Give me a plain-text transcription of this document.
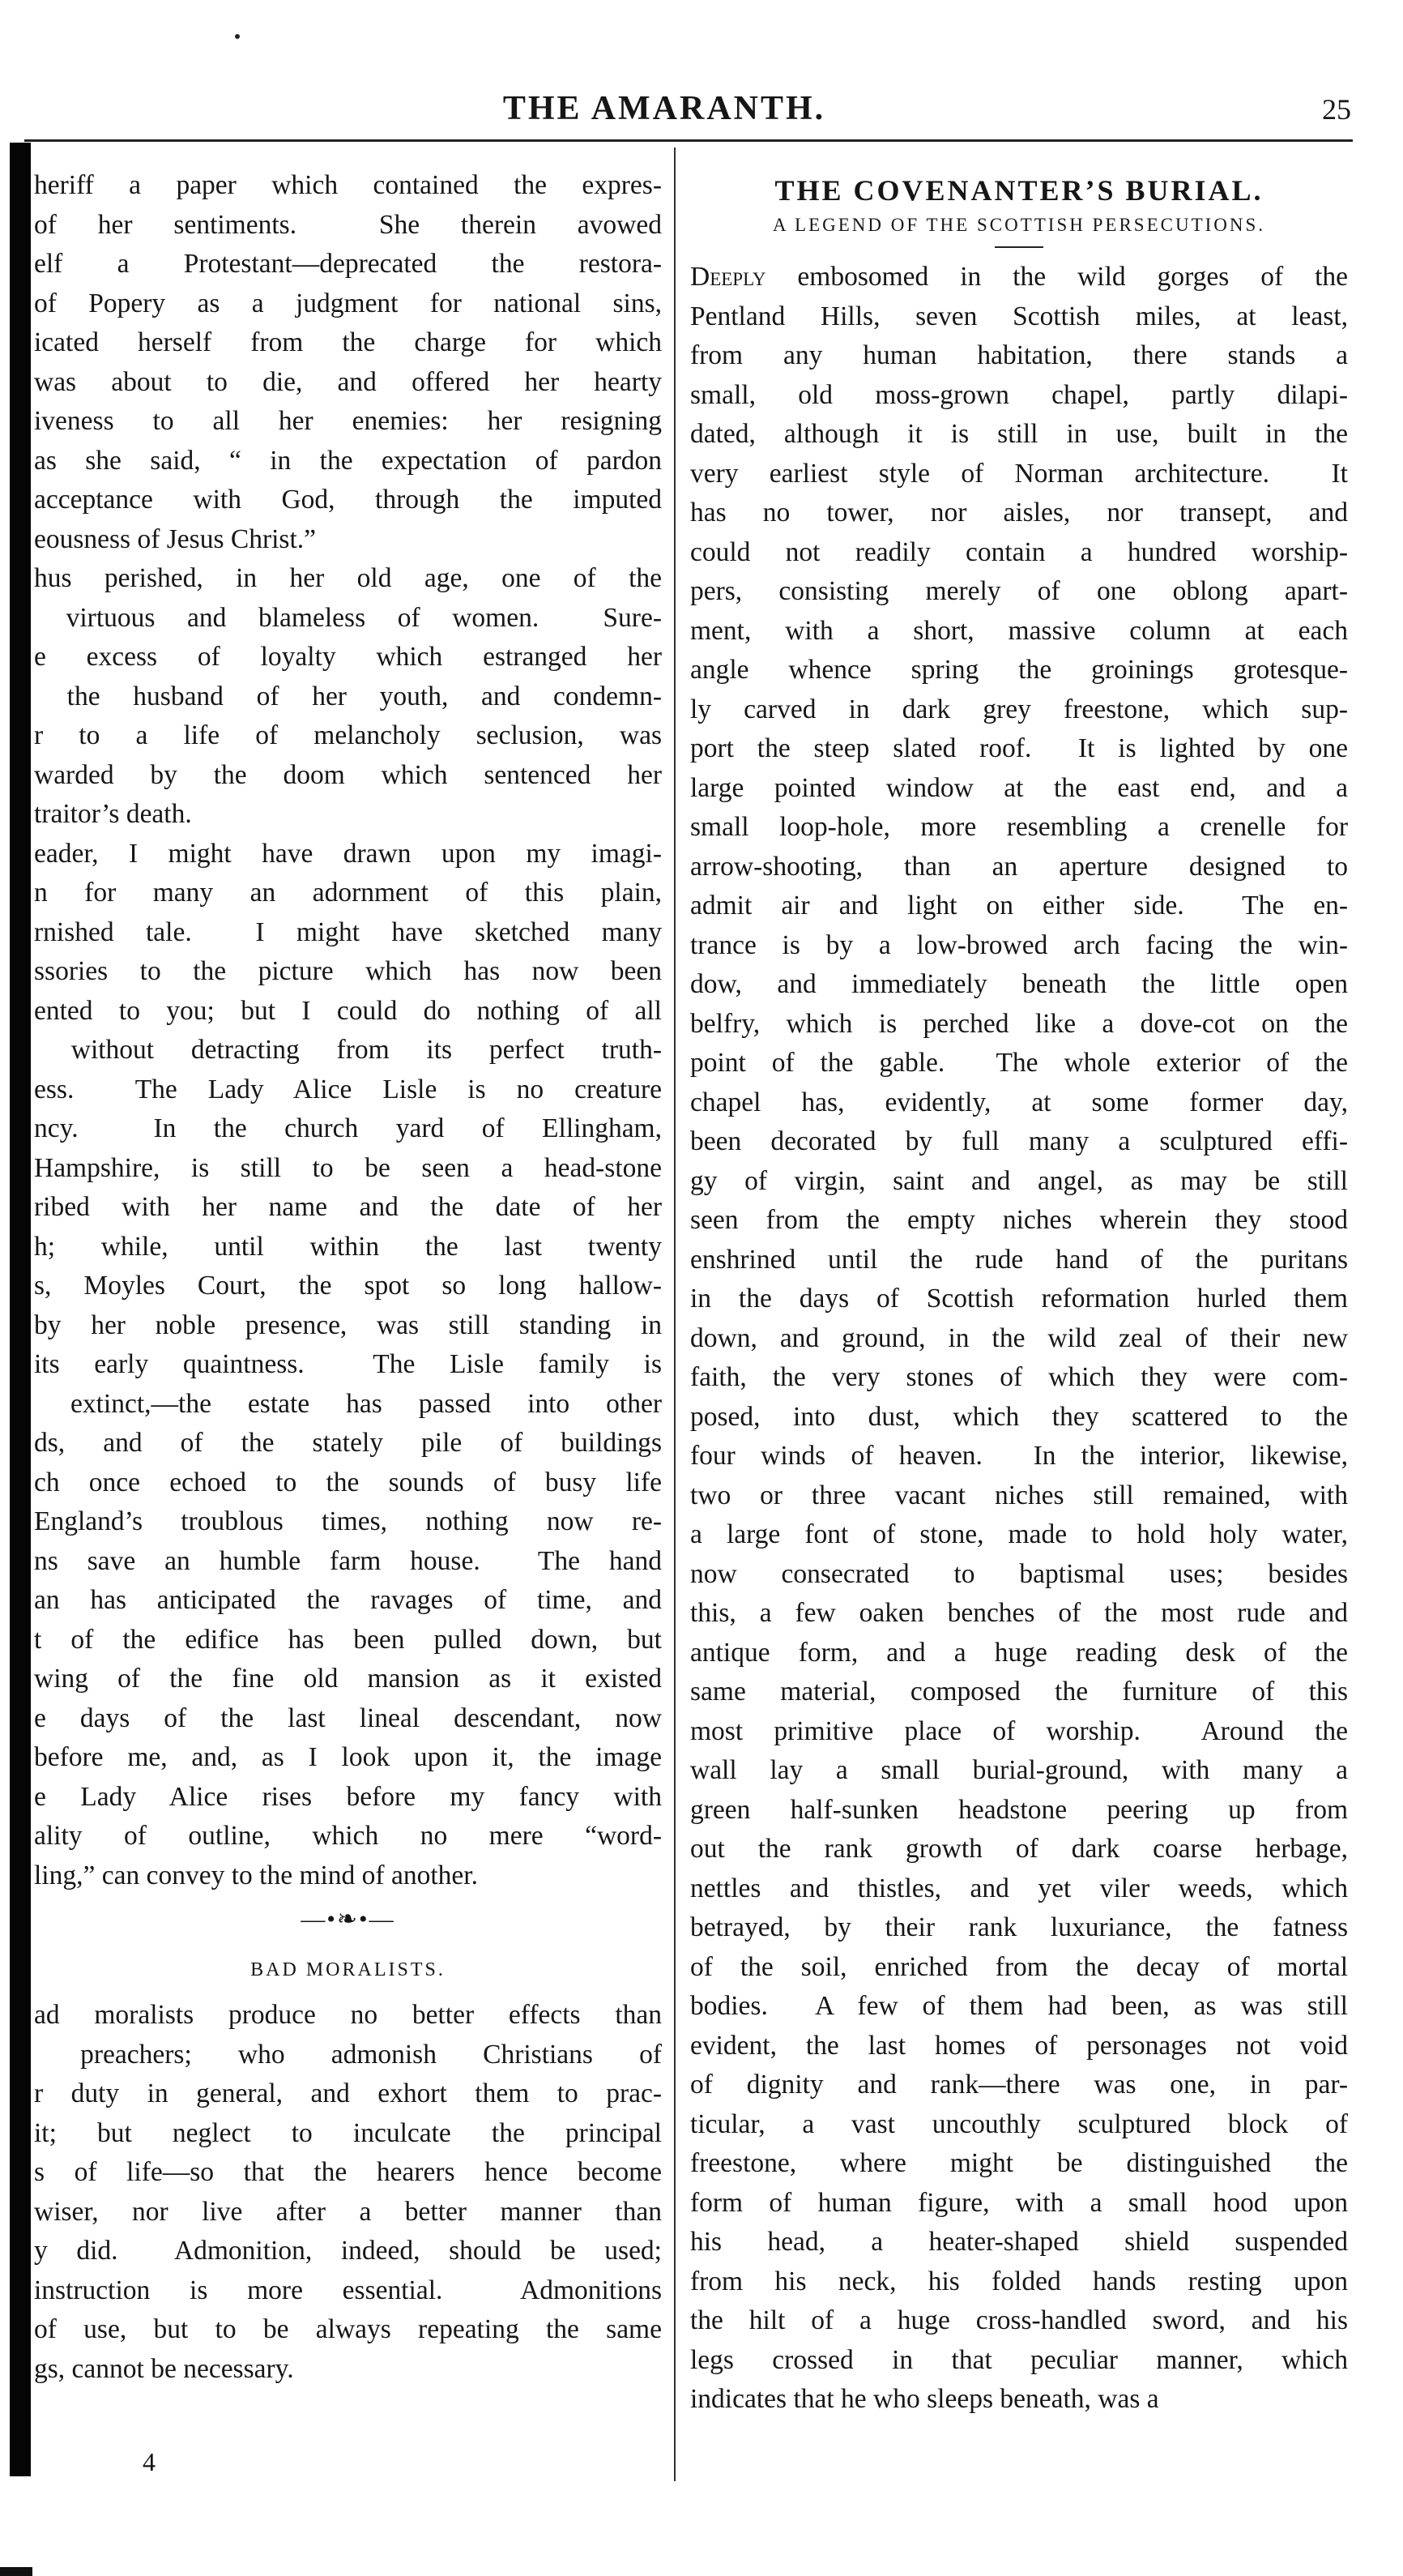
THE AMARANTH.	25
heriff a paper which contained the expres-
of her sentiments.  She therein avowed
elf a Protestant—deprecated the restora-
of Popery as a judgment for national sins,
icated herself from the charge for which
was about to die, and offered her hearty
iveness to all her enemies: her resigning
as she said, “ in the expectation of pardon
acceptance with God, through the imputed
eousness of Jesus Christ.”
hus perished, in her old age, one of the
virtuous and blameless of women.  Sure-
e excess of loyalty which estranged her
the husband of her youth, and condemn-
r to a life of melancholy seclusion, was
warded by the doom which sentenced her
traitor’s death.
eader, I might have drawn upon my imagi-
n for many an adornment of this plain,
rnished tale.  I might have sketched many
ssories to the picture which has now been
ented to you; but I could do nothing of all
without detracting from its perfect truth-
ess.  The Lady Alice Lisle is no creature
ncy.  In the church yard of Ellingham,
Hampshire, is still to be seen a head-stone
ribed with her name and the date of her
h; while, until within the last twenty
s, Moyles Court, the spot so long hallow-
by her noble presence, was still standing in
its early quaintness.  The Lisle family is
extinct,—the estate has passed into other
ds, and of the stately pile of buildings
ch once echoed to the sounds of busy life
England’s troublous times, nothing now re-
ns save an humble farm house.  The hand
an has anticipated the ravages of time, and
t of the edifice has been pulled down, but
wing of the fine old mansion as it existed
e days of the last lineal descendant, now
before me, and, as I look upon it, the image
e Lady Alice rises before my fancy with
ality of outline, which no mere “word-
ling,” can convey to the mind of another.
—•❧•—
BAD MORALISTS.
ad moralists produce no better effects than
preachers; who admonish Christians of
r duty in general, and exhort them to prac-
it; but neglect to inculcate the principal
s of life—so that the hearers hence become
wiser, nor live after a better manner than
y did.  Admonition, indeed, should be used;
instruction is more essential.  Admonitions
of use, but to be always repeating the same
gs, cannot be necessary.
4
THE COVENANTER’S BURIAL.
A LEGEND OF THE SCOTTISH PERSECUTIONS.
Deeply embosomed in the wild gorges of the
Pentland Hills, seven Scottish miles, at least,
from any human habitation, there stands a
small, old moss-grown chapel, partly dilapi-
dated, although it is still in use, built in the
very earliest style of Norman architecture.  It
has no tower, nor aisles, nor transept, and
could not readily contain a hundred worship-
pers, consisting merely of one oblong apart-
ment, with a short, massive column at each
angle whence spring the groinings grotesque-
ly carved in dark grey freestone, which sup-
port the steep slated roof.  It is lighted by one
large pointed window at the east end, and a
small loop-hole, more resembling a crenelle for
arrow-shooting, than an aperture designed to
admit air and light on either side.  The en-
trance is by a low-browed arch facing the win-
dow, and immediately beneath the little open
belfry, which is perched like a dove-cot on the
point of the gable.  The whole exterior of the
chapel has, evidently, at some former day,
been decorated by full many a sculptured effi-
gy of virgin, saint and angel, as may be still
seen from the empty niches wherein they stood
enshrined until the rude hand of the puritans
in the days of Scottish reformation hurled them
down, and ground, in the wild zeal of their new
faith, the very stones of which they were com-
posed, into dust, which they scattered to the
four winds of heaven.  In the interior, likewise,
two or three vacant niches still remained, with
a large font of stone, made to hold holy water,
now consecrated to baptismal uses; besides
this, a few oaken benches of the most rude and
antique form, and a huge reading desk of the
same material, composed the furniture of this
most primitive place of worship.  Around the
wall lay a small burial-ground, with many a
green half-sunken headstone peering up from
out the rank growth of dark coarse herbage,
nettles and thistles, and yet viler weeds, which
betrayed, by their rank luxuriance, the fatness
of the soil, enriched from the decay of mortal
bodies.  A few of them had been, as was still
evident, the last homes of personages not void
of dignity and rank—there was one, in par-
ticular, a vast uncouthly sculptured block of
freestone, where might be distinguished the
form of human figure, with a small hood upon
his head, a heater-shaped shield suspended
from his neck, his folded hands resting upon
the hilt of a huge cross-handled sword, and his
legs crossed in that peculiar manner, which
indicates that he who sleeps beneath, was a
